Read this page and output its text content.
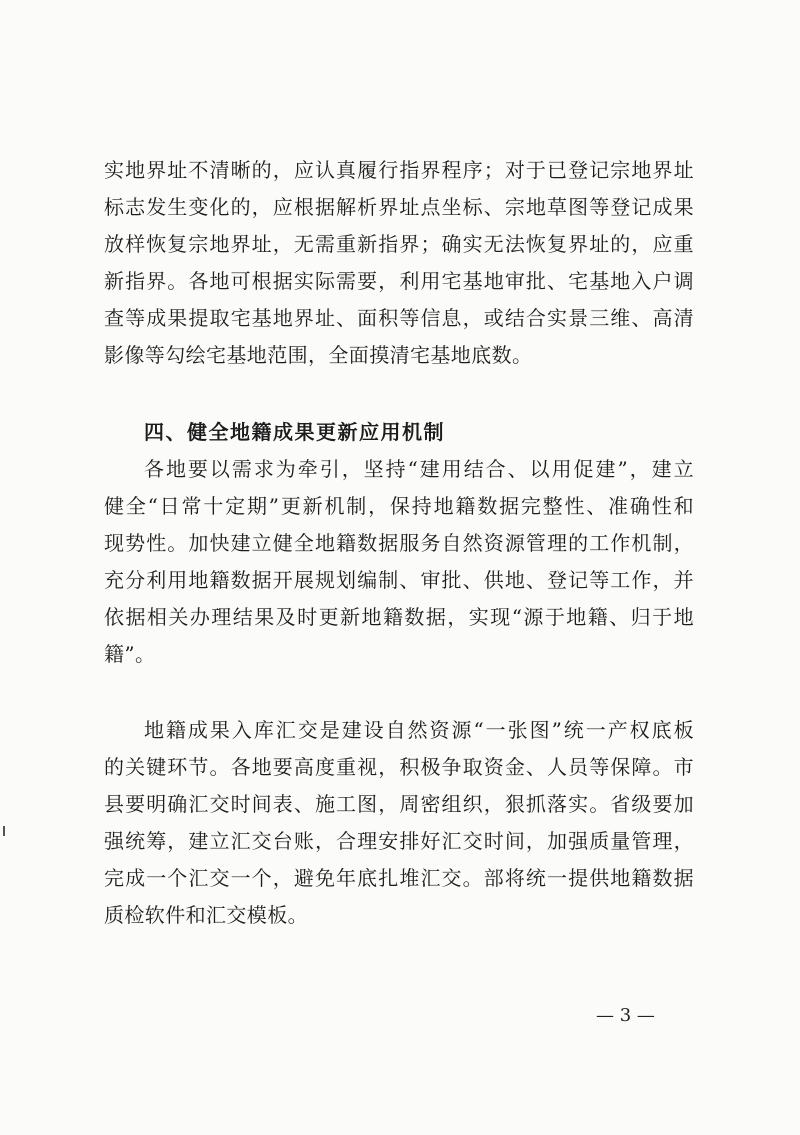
实地界址不清晰的，应认真履行指界程序；对于已登记宗地界址
标志发生变化的，应根据解析界址点坐标、宗地草图等登记成果
放样恢复宗地界址，无需重新指界；确实无法恢复界址的，应重
新指界。各地可根据实际需要，利用宅基地审批、宅基地入户调
查等成果提取宅基地界址、面积等信息，或结合实景三维、高清
影像等勾绘宅基地范围，全面摸清宅基地底数。
四、健全地籍成果更新应用机制
各地要以需求为牵引，坚持“建用结合、以用促建”，建立
健全“日常十定期”更新机制，保持地籍数据完整性、准确性和
现势性。加快建立健全地籍数据服务自然资源管理的工作机制，
充分利用地籍数据开展规划编制、审批、供地、登记等工作，并
依据相关办理结果及时更新地籍数据，实现“源于地籍、归于地
籍”。
地籍成果入库汇交是建设自然资源“一张图”统一产权底板
的关键环节。各地要高度重视，积极争取资金、人员等保障。市
县要明确汇交时间表、施工图，周密组织，狠抓落实。省级要加
强统筹，建立汇交台账，合理安排好汇交时间，加强质量管理，
完成一个汇交一个，避免年底扎堆汇交。部将统一提供地籍数据
质检软件和汇交模板。
— 3 —
